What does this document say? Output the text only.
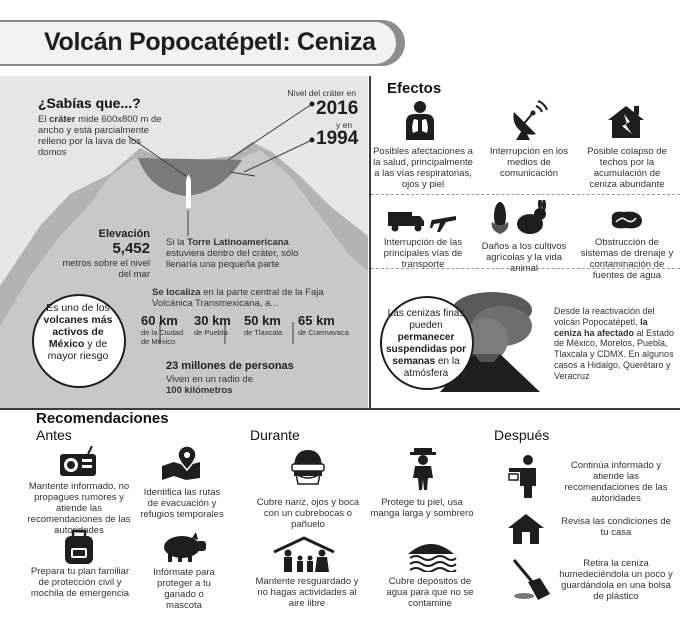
Volcán Popocatépetl: Ceniza
¿Sabías que...?
El cráter mide 600x800 m de ancho y está parcialmente relleno por la lava de los domos
Nivel del cráter en
2016
y en
1994
Elevación
5,452
metros sobre el nivel del mar
Si la Torre Latinoamericana estuviera dentro del cráter, sólo llenaría una pequeña parte
Es uno de los volcanes más activos de México y de mayor riesgo
Se localiza en la parte central de la Faja Volcánica Transmexicana, a...
60 km
de la Ciudad de México
30 km
de Puebla
50 km
de Tlaxcala
65 km
de Cuernavaca
23 millones de personas
Viven en un radio de
100 kilómetros
Efectos
Posibles afectaciones a la salud, principalmente a las vías respiratorias, ojos y piel
Interrupción en los medios de comunicación
Posible colapso de techos por la acumulación de ceniza abundante
Interrupción de las principales vías de transporte
Daños a los cultivos agrícolas y la vida animal
Obstrucción de sistemas de drenaje y contaminación de fuentes de agua
Las cenizas finas pueden permanecer suspendidas por semanas en la atmósfera
Desde la reactivación del volcán Popocatépetl, la ceniza ha afectado al Estado de México, Morelos, Puebla, Tlaxcala y CDMX. En algunos casos a Hidalgo, Querétaro y Veracruz
Recomendaciones
Antes	Durante	Después
Mantente informado, no propagues rumores y atiende las recomendaciones de las autoridades
Identifica las rutas de evacuación y refugios temporales
Prepara tu plan familiar de protección civil y mochila de emergencia
Infórmate para proteger a tu ganado o mascota
Cubre nariz, ojos y boca con un cubrebocas o pañuelo
Protege tu piel, usa manga larga y sombrero
Mantente resguardado y no hagas actividades al aire libre
Cubre depósitos de agua para que no se contamine
Continúa informado y atiende las recomendaciones de las autoridades
Revisa las condiciones de tu casa
Retira la ceniza humedeciéndola un poco y guardándola en una bolsa de plástico
